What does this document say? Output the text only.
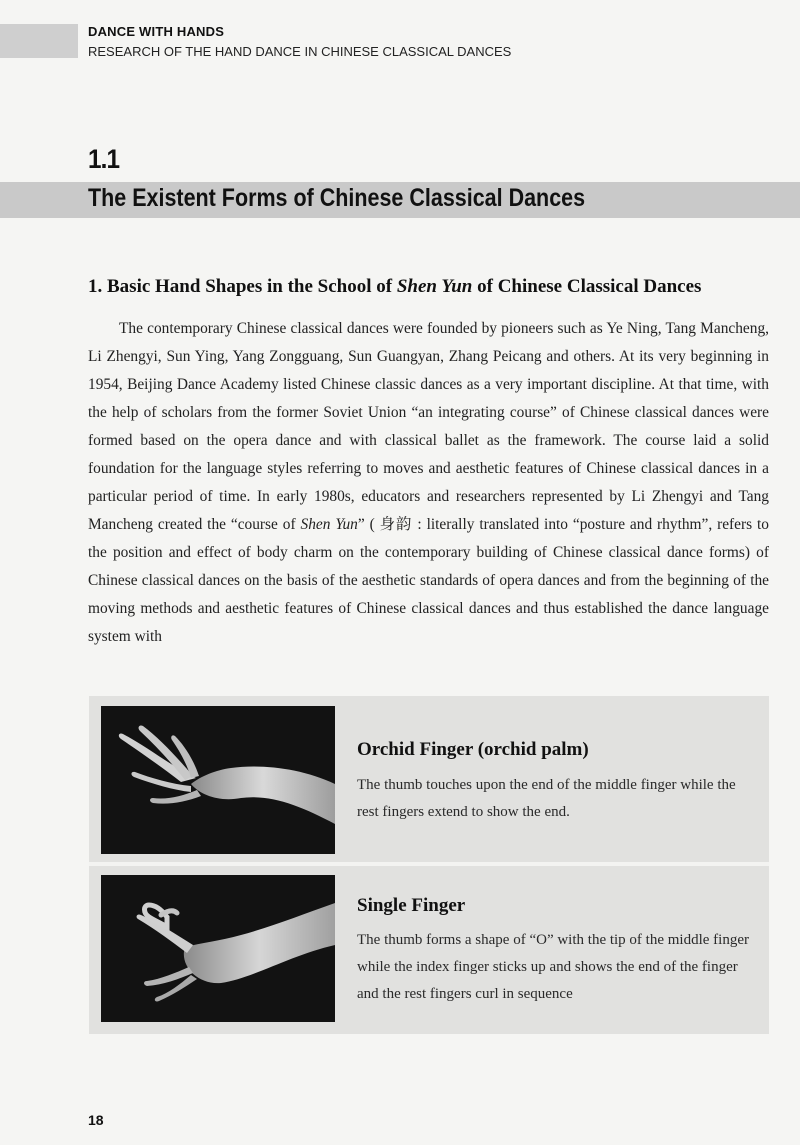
DANCE WITH HANDS
RESEARCH OF THE HAND DANCE IN CHINESE CLASSICAL DANCES
1.1
The Existent Forms of Chinese Classical Dances
1. Basic Hand Shapes in the School of Shen Yun of Chinese Classical Dances

The contemporary Chinese classical dances were founded by pioneers such as Ye Ning, Tang Mancheng, Li Zhengyi, Sun Ying, Yang Zongguang, Sun Guangyan, Zhang Peicang and others. At its very beginning in 1954, Beijing Dance Academy listed Chinese classic dances as a very important discipline. At that time, with the help of scholars from the former Soviet Union “an integrating course” of Chinese classical dances were formed based on the opera dance and with classical ballet as the framework. The course laid a solid foundation for the language styles referring to moves and aesthetic features of Chinese classical dances in a particular period of time. In early 1980s, educators and researchers represented by Li Zhengyi and Tang Mancheng created the “course of Shen Yun” ( 身韵 : literally translated into “posture and rhythm”, refers to the position and effect of body charm on the contemporary building of Chinese classical dance forms) of Chinese classical dances on the basis of the aesthetic standards of opera dances and from the beginning of the moving methods and aesthetic features of Chinese classical dances and thus established the dance language system with

Orchid Finger (orchid palm)

The thumb touches upon the end of the middle finger while the rest fingers extend to show the end.

Single Finger

The thumb forms a shape of “O” with the tip of the middle finger while the index finger sticks up and shows the end of the finger and the rest fingers curl in sequence

18
